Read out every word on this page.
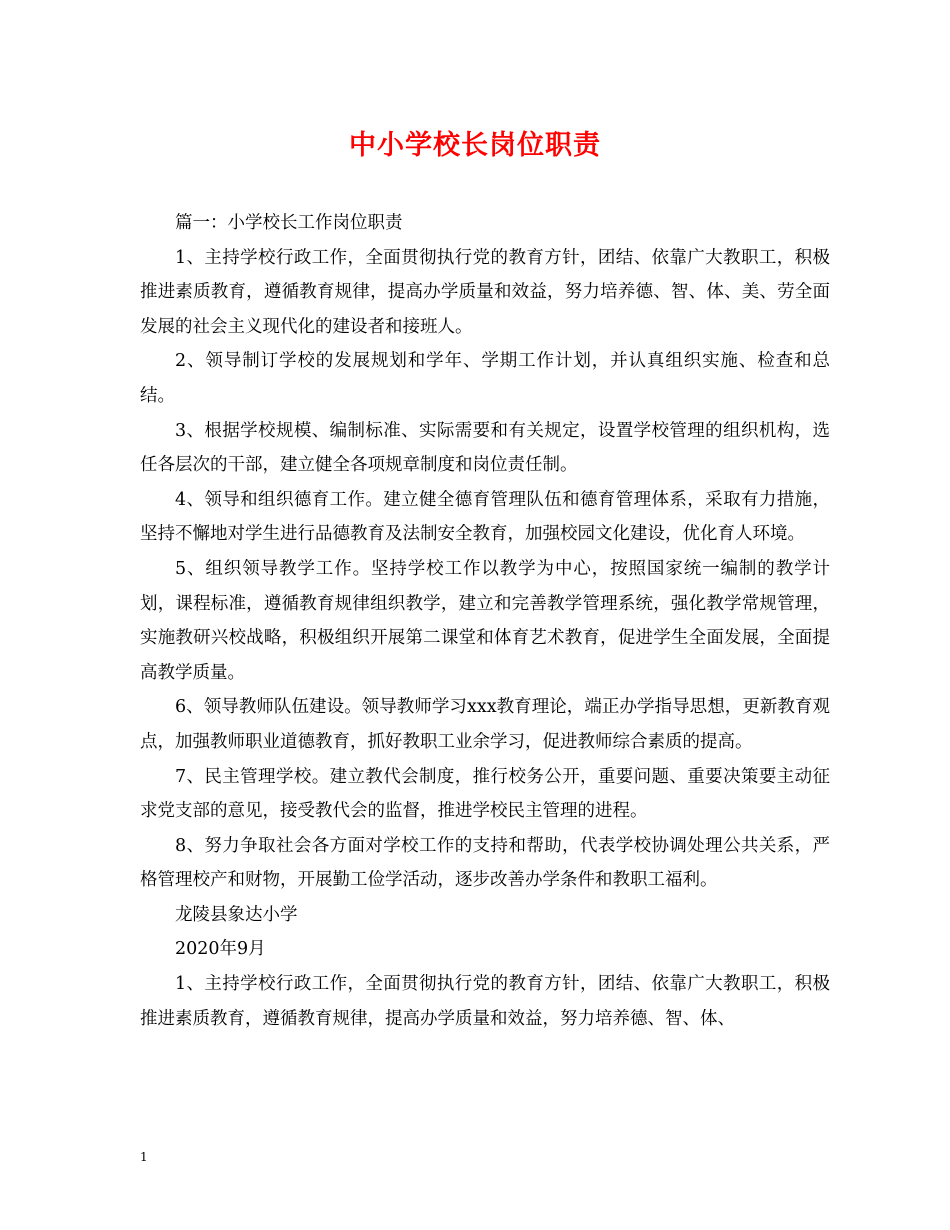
中小学校长岗位职责

篇一：小学校长工作岗位职责

1、主持学校行政工作，全面贯彻执行党的教育方针，团结、依靠广大教职工，积极推进素质教育，遵循教育规律，提高办学质量和效益，努力培养德、智、体、美、劳全面发展的社会主义现代化的建设者和接班人。

2、领导制订学校的发展规划和学年、学期工作计划，并认真组织实施、检查和总结。

3、根据学校规模、编制标准、实际需要和有关规定，设置学校管理的组织机构，选任各层次的干部，建立健全各项规章制度和岗位责任制。

4、领导和组织德育工作。建立健全德育管理队伍和德育管理体系，采取有力措施，坚持不懈地对学生进行品德教育及法制安全教育，加强校园文化建设，优化育人环境。

5、组织领导教学工作。坚持学校工作以教学为中心，按照国家统一编制的教学计划，课程标准，遵循教育规律组织教学，建立和完善教学管理系统，强化教学常规管理，实施教研兴校战略，积极组织开展第二课堂和体育艺术教育，促进学生全面发展，全面提高教学质量。

6、领导教师队伍建设。领导教师学习xxx教育理论，端正办学指导思想，更新教育观点，加强教师职业道德教育，抓好教职工业余学习，促进教师综合素质的提高。

7、民主管理学校。建立教代会制度，推行校务公开，重要问题、重要决策要主动征求党支部的意见，接受教代会的监督，推进学校民主管理的进程。

8、努力争取社会各方面对学校工作的支持和帮助，代表学校协调处理公共关系，严格管理校产和财物，开展勤工俭学活动，逐步改善办学条件和教职工福利。

龙陵县象达小学

2020年9月

1、主持学校行政工作，全面贯彻执行党的教育方针，团结、依靠广大教职工，积极推进素质教育，遵循教育规律，提高办学质量和效益，努力培养德、智、体、

1
